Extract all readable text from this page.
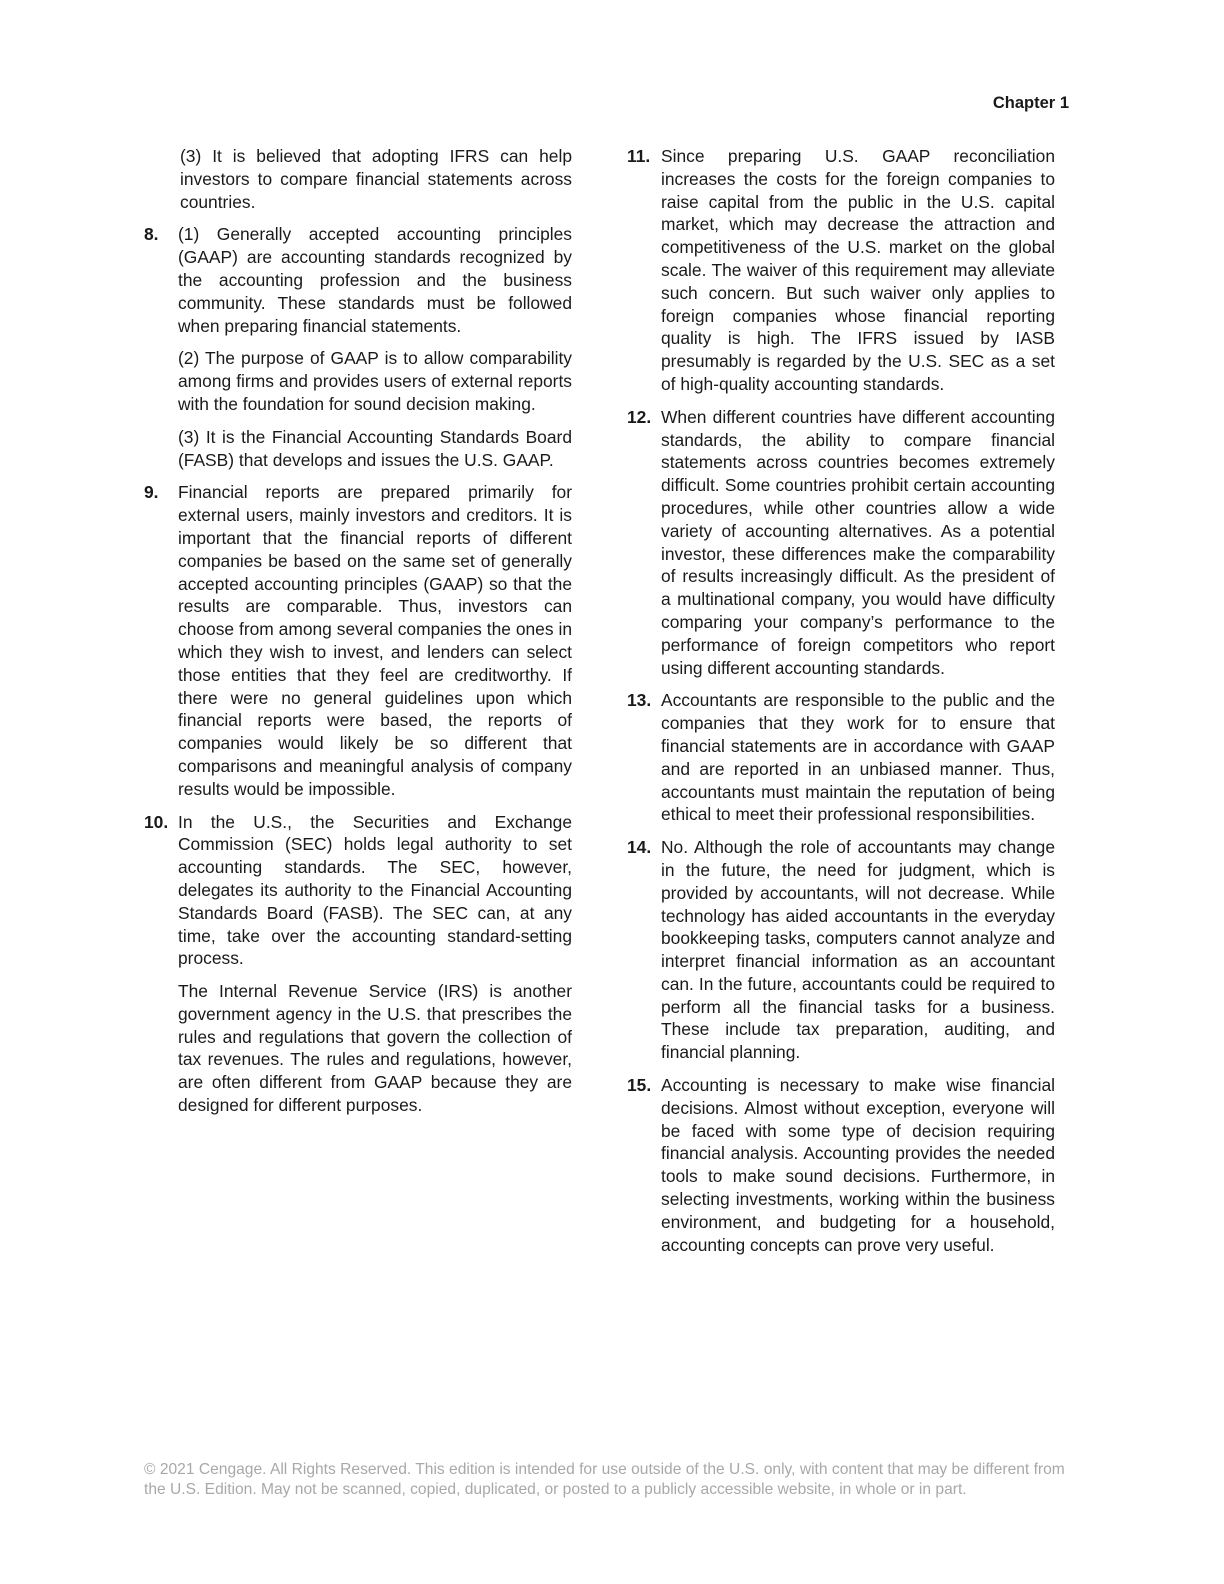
Chapter 1

(3) It is believed that adopting IFRS can help investors to compare financial statements across countries.

8. (1) Generally accepted accounting principles (GAAP) are accounting standards recognized by the accounting profession and the business community. These standards must be followed when preparing financial statements.

(2) The purpose of GAAP is to allow comparability among firms and provides users of external reports with the foundation for sound decision making.

(3) It is the Financial Accounting Standards Board (FASB) that develops and issues the U.S. GAAP.

9. Financial reports are prepared primarily for external users, mainly investors and creditors. It is important that the financial reports of different companies be based on the same set of generally accepted accounting principles (GAAP) so that the results are comparable. Thus, investors can choose from among several companies the ones in which they wish to invest, and lenders can select those entities that they feel are creditworthy. If there were no general guidelines upon which financial reports were based, the reports of companies would likely be so different that comparisons and meaningful analysis of company results would be impossible.

10. In the U.S., the Securities and Exchange Commission (SEC) holds legal authority to set accounting standards. The SEC, however, delegates its authority to the Financial Accounting Standards Board (FASB). The SEC can, at any time, take over the accounting standard-setting process.

The Internal Revenue Service (IRS) is another government agency in the U.S. that prescribes the rules and regulations that govern the collection of tax revenues. The rules and regulations, however, are often different from GAAP because they are designed for different purposes.

11. Since preparing U.S. GAAP reconciliation increases the costs for the foreign companies to raise capital from the public in the U.S. capital market, which may decrease the attraction and competitiveness of the U.S. market on the global scale. The waiver of this requirement may alleviate such concern. But such waiver only applies to foreign companies whose financial reporting quality is high. The IFRS issued by IASB presumably is regarded by the U.S. SEC as a set of high-quality accounting standards.

12. When different countries have different accounting standards, the ability to compare financial statements across countries becomes extremely difficult. Some countries prohibit certain accounting procedures, while other countries allow a wide variety of accounting alternatives. As a potential investor, these differences make the comparability of results increasingly difficult. As the president of a multinational company, you would have difficulty comparing your company’s performance to the performance of foreign competitors who report using different accounting standards.

13. Accountants are responsible to the public and the companies that they work for to ensure that financial statements are in accordance with GAAP and are reported in an unbiased manner. Thus, accountants must maintain the reputation of being ethical to meet their professional responsibilities.

14. No. Although the role of accountants may change in the future, the need for judgment, which is provided by accountants, will not decrease. While technology has aided accountants in the everyday bookkeeping tasks, computers cannot analyze and interpret financial information as an accountant can. In the future, accountants could be required to perform all the financial tasks for a business. These include tax preparation, auditing, and financial planning.

15. Accounting is necessary to make wise financial decisions. Almost without exception, everyone will be faced with some type of decision requiring financial analysis. Accounting provides the needed tools to make sound decisions. Furthermore, in selecting investments, working within the business environment, and budgeting for a household, accounting concepts can prove very useful.

© 2021 Cengage. All Rights Reserved. This edition is intended for use outside of the U.S. only, with content that may be different from the U.S. Edition. May not be scanned, copied, duplicated, or posted to a publicly accessible website, in whole or in part.
